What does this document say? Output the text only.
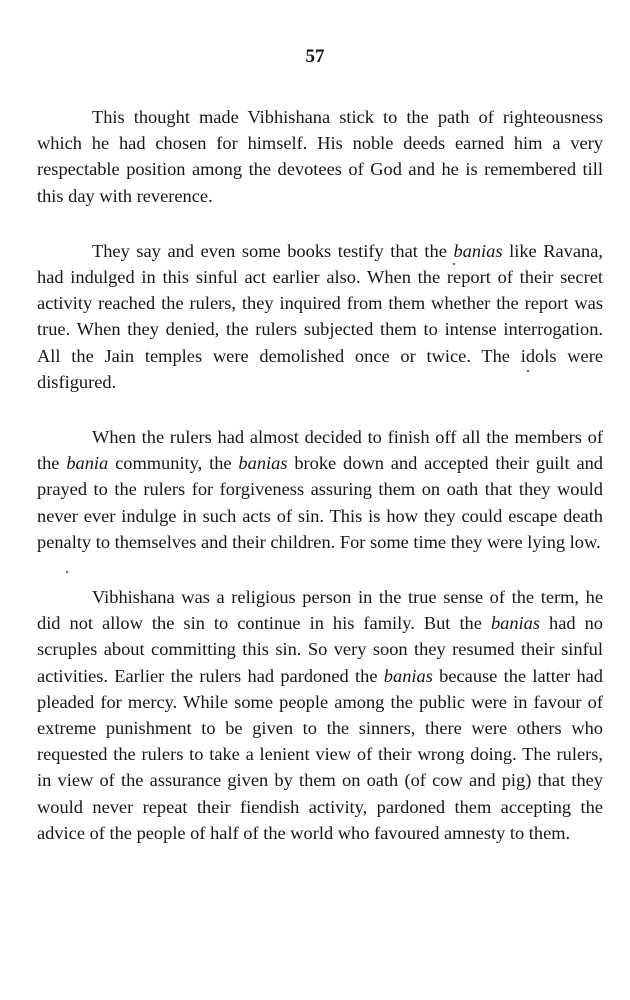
57

This thought made Vibhishana stick to the path of righteousness which he had chosen for himself. His noble deeds earned him a very respectable position among the devotees of God and he is remembered till this day with reverence.

They say and even some books testify that the banias like Ravana, had indulged in this sinful act earlier also. When the report of their secret activity reached the rulers, they inquired from them whether the report was true. When they denied, the rulers subjected them to intense interrogation. All the Jain temples were demolished once or twice. The idols were disfigured.

When the rulers had almost decided to finish off all the members of the bania community, the banias broke down and accepted their guilt and prayed to the rulers for forgiveness assuring them on oath that they would never ever indulge in such acts of sin. This is how they could escape death penalty to themselves and their children. For some time they were lying low.

Vibhishana was a religious person in the true sense of the term, he did not allow the sin to continue in his family. But the banias had no scruples about committing this sin. So very soon they resumed their sinful activities. Earlier the rulers had pardoned the banias because the latter had pleaded for mercy. While some people among the public were in favour of extreme punishment to be given to the sinners, there were others who requested the rulers to take a lenient view of their wrong doing. The rulers, in view of the assurance given by them on oath (of cow and pig) that they would never repeat their fiendish activity, pardoned them accepting the advice of the people of half of the world who favoured amnesty to them.
